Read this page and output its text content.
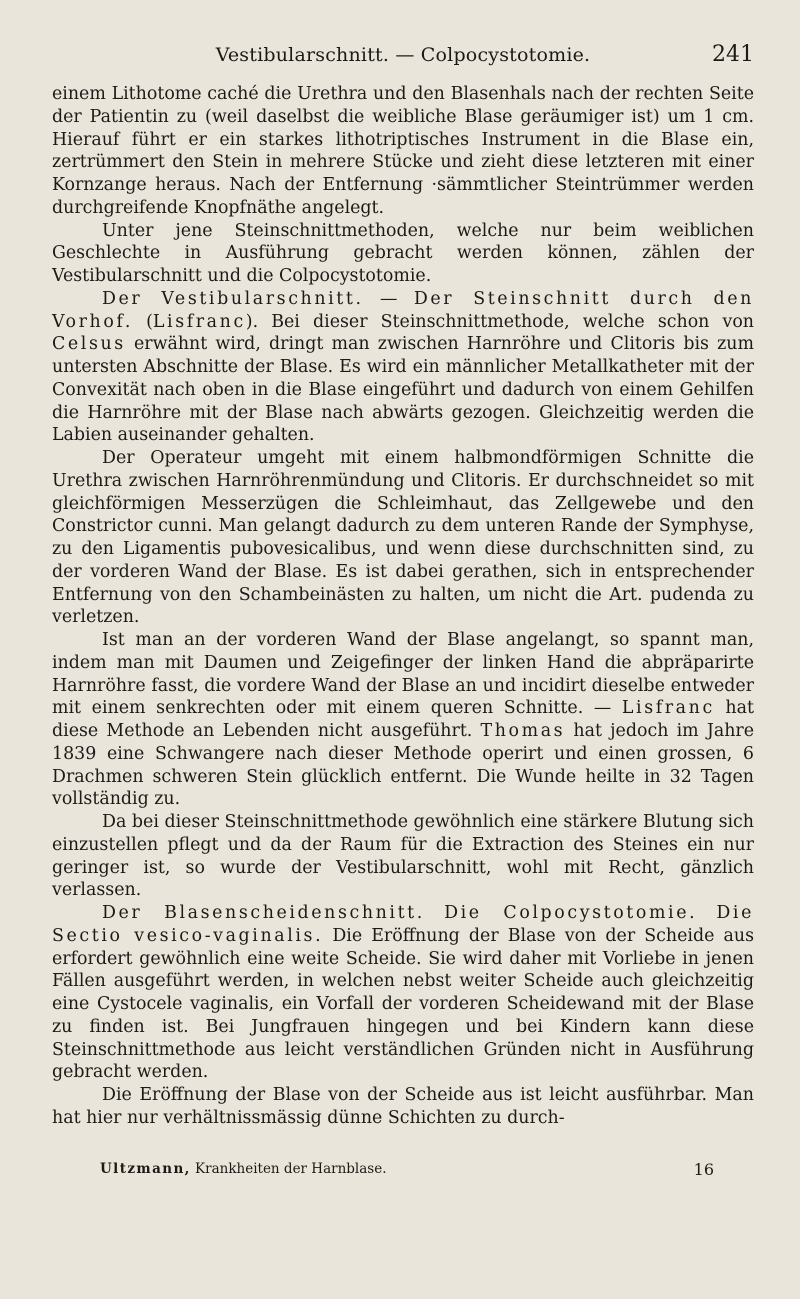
Vestibularschnitt. — Colpocystotomie.	241

einem Lithotome caché die Urethra und den Blasenhals nach der rechten Seite der Patientin zu (weil daselbst die weibliche Blase geräumiger ist) um 1 cm. Hierauf führt er ein starkes lithotriptisches Instrument in die Blase ein, zertrümmert den Stein in mehrere Stücke und zieht diese letzteren mit einer Kornzange heraus. Nach der Entfernung ·sämmtlicher Steintrümmer werden durchgreifende Knopfnäthe angelegt.

Unter jene Steinschnittmethoden, welche nur beim weiblichen Geschlechte in Ausführung gebracht werden können, zählen der Vestibularschnitt und die Colpocystotomie.

Der Vestibularschnitt. — Der Steinschnitt durch den Vorhof. (Lisfranc). Bei dieser Steinschnittmethode, welche schon von Celsus erwähnt wird, dringt man zwischen Harnröhre und Clitoris bis zum untersten Abschnitte der Blase. Es wird ein männlicher Metallkatheter mit der Convexität nach oben in die Blase eingeführt und dadurch von einem Gehilfen die Harnröhre mit der Blase nach abwärts gezogen. Gleichzeitig werden die Labien auseinander gehalten.

Der Operateur umgeht mit einem halbmondförmigen Schnitte die Urethra zwischen Harnröhrenmündung und Clitoris. Er durchschneidet so mit gleichförmigen Messerzügen die Schleimhaut, das Zellgewebe und den Constrictor cunni. Man gelangt dadurch zu dem unteren Rande der Symphyse, zu den Ligamentis pubovesicalibus, und wenn diese durchschnitten sind, zu der vorderen Wand der Blase. Es ist dabei gerathen, sich in entsprechender Entfernung von den Schambeinästen zu halten, um nicht die Art. pudenda zu verletzen.

Ist man an der vorderen Wand der Blase angelangt, so spannt man, indem man mit Daumen und Zeigefinger der linken Hand die abpräparirte Harnröhre fasst, die vordere Wand der Blase an und incidirt dieselbe entweder mit einem senkrechten oder mit einem queren Schnitte. — Lisfranc hat diese Methode an Lebenden nicht ausgeführt. Thomas hat jedoch im Jahre 1839 eine Schwangere nach dieser Methode operirt und einen grossen, 6 Drachmen schweren Stein glücklich entfernt. Die Wunde heilte in 32 Tagen vollständig zu.

Da bei dieser Steinschnittmethode gewöhnlich eine stärkere Blutung sich einzustellen pflegt und da der Raum für die Extraction des Steines ein nur geringer ist, so wurde der Vestibularschnitt, wohl mit Recht, gänzlich verlassen.

Der Blasenscheidenschnitt. Die Colpocystotomie. Die Sectio vesico-vaginalis. Die Eröffnung der Blase von der Scheide aus erfordert gewöhnlich eine weite Scheide. Sie wird daher mit Vorliebe in jenen Fällen ausgeführt werden, in welchen nebst weiter Scheide auch gleichzeitig eine Cystocele vaginalis, ein Vorfall der vorderen Scheidewand mit der Blase zu finden ist. Bei Jungfrauen hingegen und bei Kindern kann diese Steinschnittmethode aus leicht verständlichen Gründen nicht in Ausführung gebracht werden.

Die Eröffnung der Blase von der Scheide aus ist leicht ausführbar. Man hat hier nur verhältnissmässig dünne Schichten zu durch-

Ultzmann, Krankheiten der Harnblase.	16
